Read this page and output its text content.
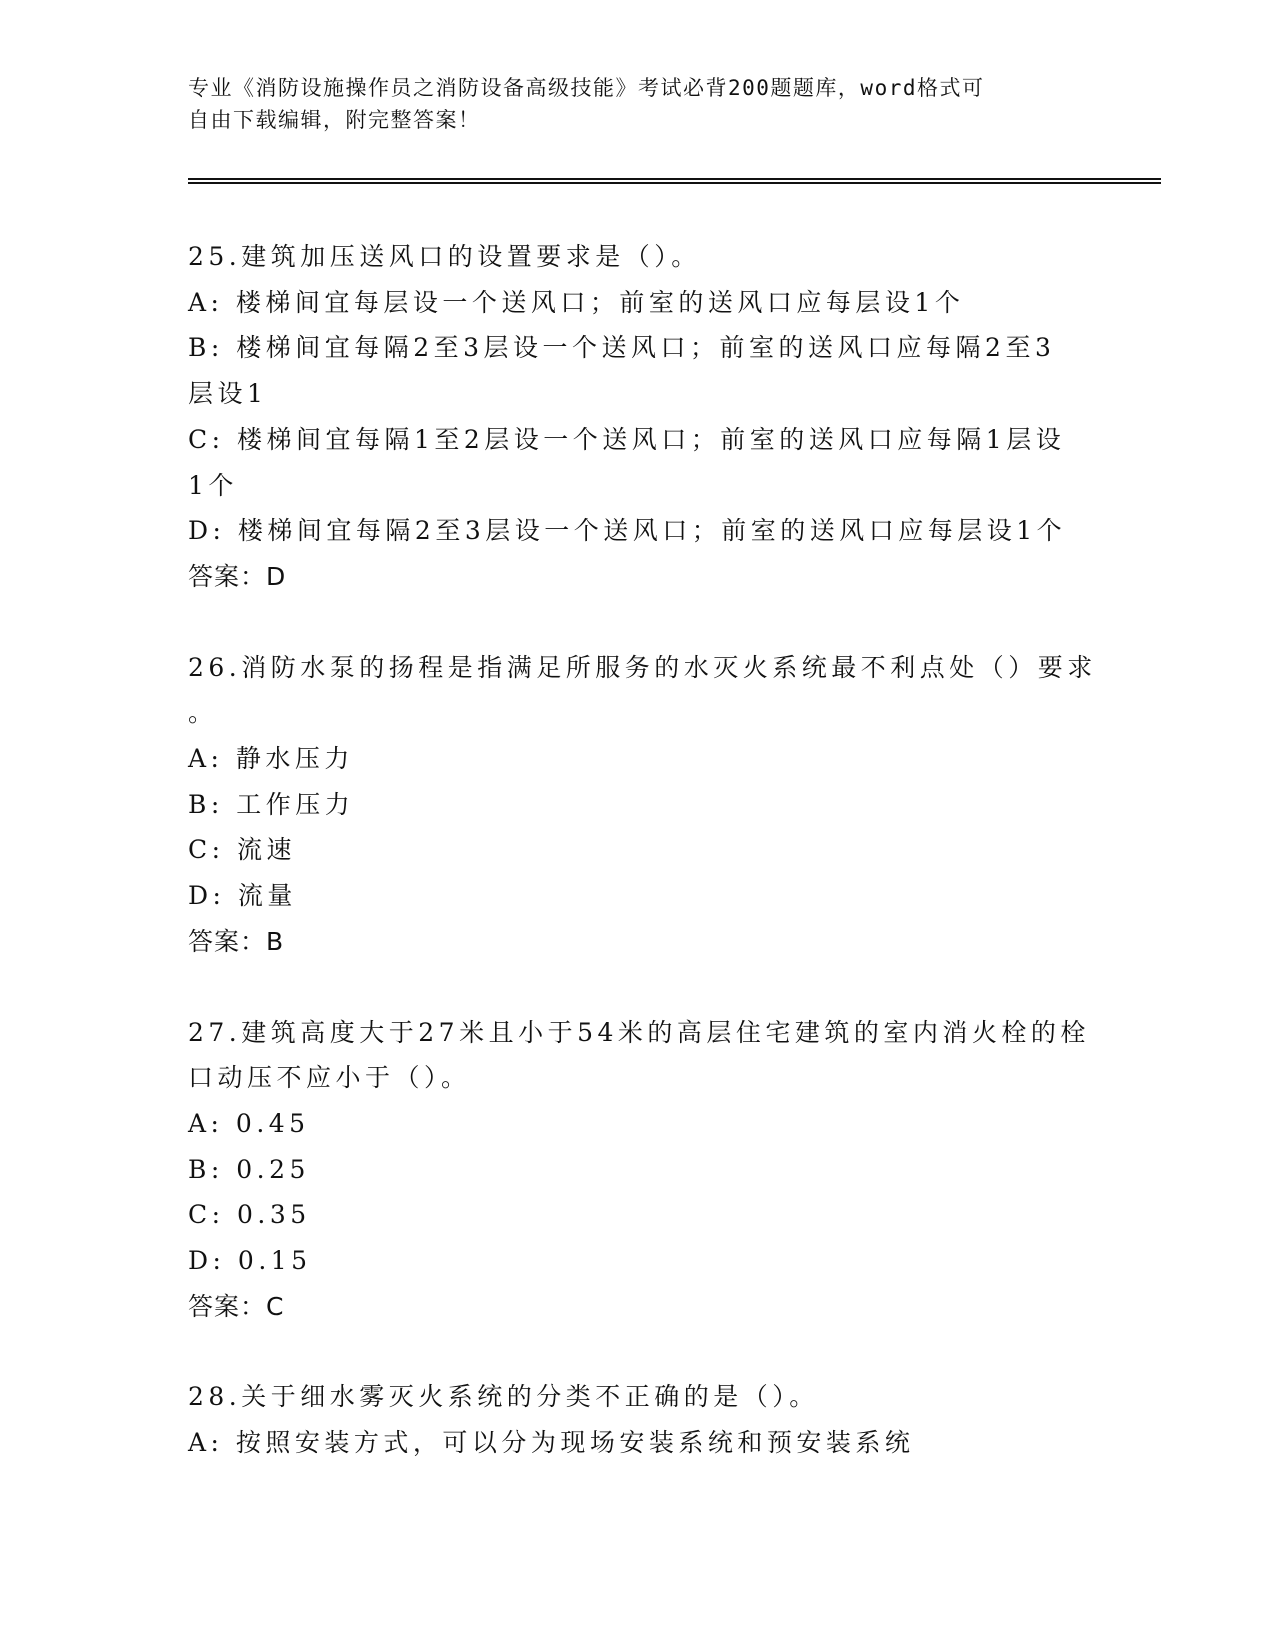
专业《消防设施操作员之消防设备高级技能》考试必背200题题库，word格式可
自由下载编辑，附完整答案！

25.建筑加压送风口的设置要求是（）。

A: 楼梯间宜每层设一个送风口；前室的送风口应每层设1个

B: 楼梯间宜每隔2至3层设一个送风口；前室的送风口应每隔2至3

层设1

C: 楼梯间宜每隔1至2层设一个送风口；前室的送风口应每隔1层设

1个

D: 楼梯间宜每隔2至3层设一个送风口；前室的送风口应每层设1个

答案：D

26.消防水泵的扬程是指满足所服务的水灭火系统最不利点处（）要求

。

A: 静水压力

B: 工作压力

C: 流速

D: 流量

答案：B

27.建筑高度大于27米且小于54米的高层住宅建筑的室内消火栓的栓

口动压不应小于（）。

A: 0.45

B: 0.25

C: 0.35

D: 0.15

答案：C

28.关于细水雾灭火系统的分类不正确的是（）。

A: 按照安装方式，可以分为现场安装系统和预安装系统
